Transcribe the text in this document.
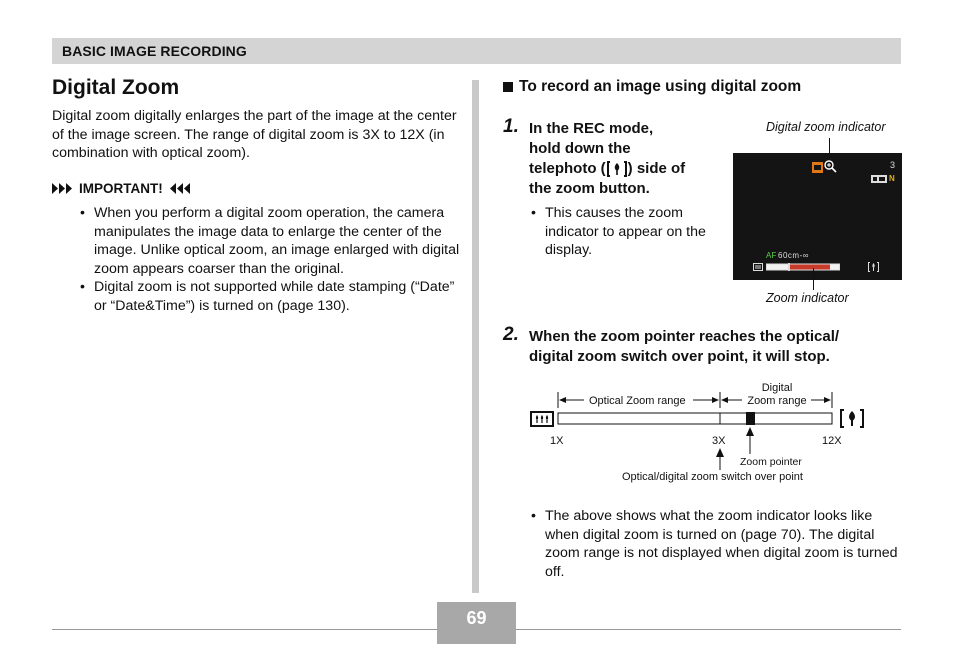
BASIC IMAGE RECORDING
Digital Zoom
Digital zoom digitally enlarges the part of the image at the center of the image screen. The range of digital zoom is 3X to 12X (in combination with optical zoom).
IMPORTANT!
• When you perform a digital zoom operation, the camera manipulates the image data to enlarge the center of the image. Unlike optical zoom, an image enlarged with digital zoom appears coarser than the original.
• Digital zoom is not supported while date stamping (“Date” or “Date&Time”) is turned on (page 130).
To record an image using digital zoom
1. In the REC mode,
hold down the
telephoto ( ) side of
the zoom button.
• This causes the zoom indicator to appear on the display.
Digital zoom indicator
3
N
AF 60cm-∞
Zoom indicator
2. When the zoom pointer reaches the optical/
digital zoom switch over point, it will stop.
Optical Zoom range
Digital
Zoom range
1X	3X	12X
Zoom pointer
Optical/digital zoom switch over point
• The above shows what the zoom indicator looks like when digital zoom is turned on (page 70). The digital zoom range is not displayed when digital zoom is turned off.
69
